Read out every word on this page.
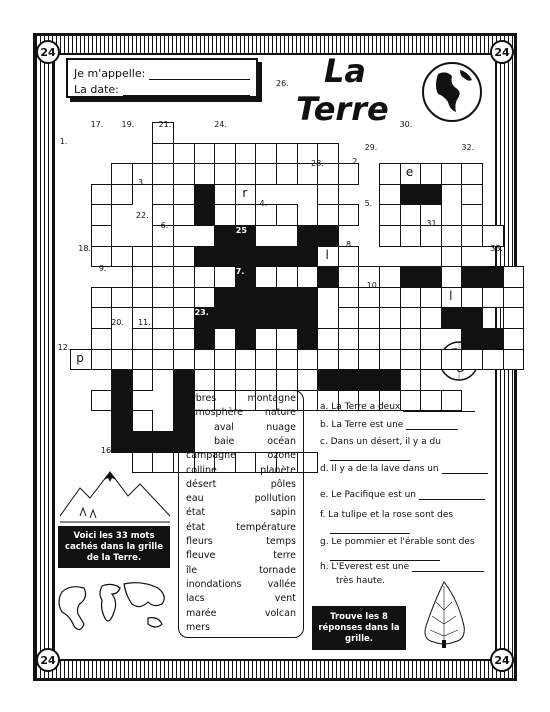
24	24
24	24
Je m'appelle:
La date:	La
Terre
e
r
l
l
p
25
7.	27.
23.
13.
14.
26.
17. 19.	21.	24.	30.
1.
29.	32.
2.
28.
3.
4.	5.
22.
6.	31.
8.
18.	33.
9.
10.
20. 11.
12.
15.
16.
arbres
atmosphère
aval
baie
campagne
colline
désert
eau
état
état
fleurs
fleuve
île
inondations
lacs
marée
mers
montagne
nature
nuage
océan
ozone
planète
pôles
pollution
sapin
température
temps
terre
tornade
vallée
vent
volcan
a. La Terre a deux
b. La Terre est une
c. Dans un désert, il y a du
d. Il y a de la lave dans un
e. Le Pacifique est un
f. La tulipe et la rose sont des
g. Le pommier et l'érable sont des
h. L'Everest est une
très haute.
Voici les 33 mots cachés dans la grille de la Terre.
Trouve les 8 réponses dans la grille.
